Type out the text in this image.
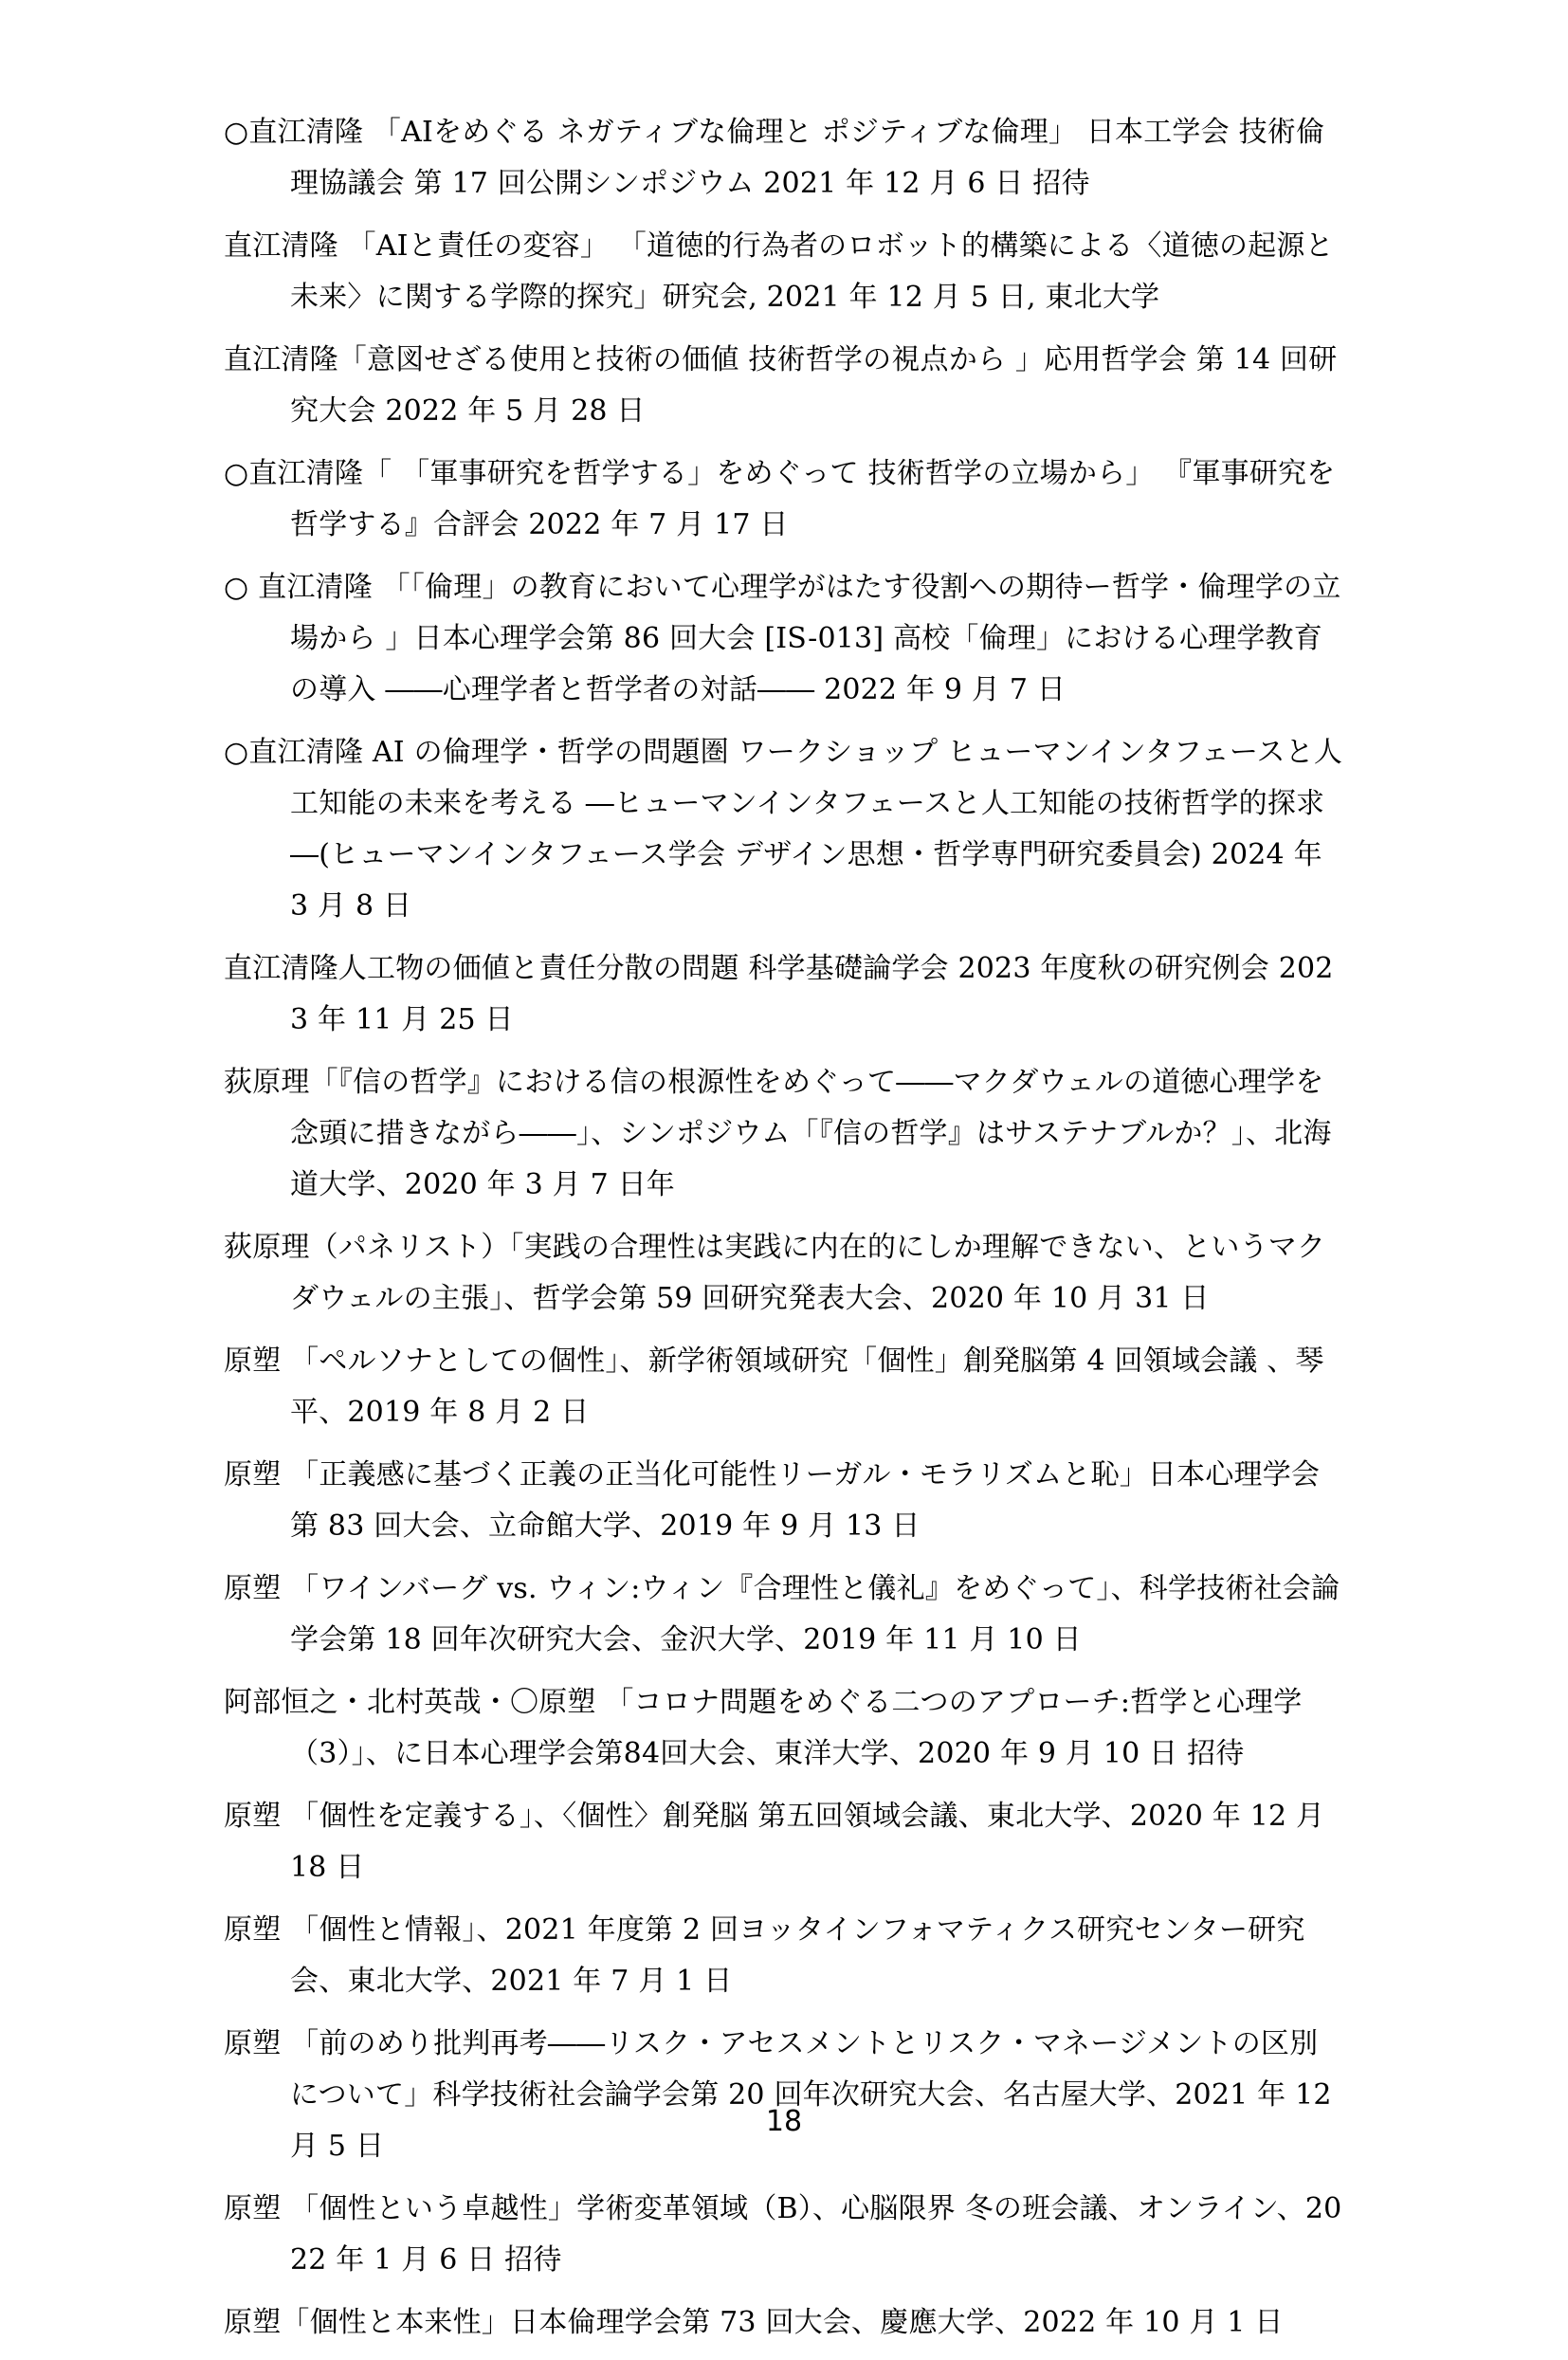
○直江清隆 「AIをめぐる ネガティブな倫理と ポジティブな倫理」 日本工学会 技術倫理協議会 第 17 回公開シンポジウム 2021 年 12 月 6 日 招待
直江清隆 「AIと責任の変容」 「道徳的行為者のロボット的構築による〈道徳の起源と未来〉に関する学際的探究」研究会, 2021 年 12 月 5 日, 東北大学
直江清隆「意図せざる使用と技術の価値 技術哲学の視点から 」応用哲学会 第 14 回研究大会 2022 年 5 月 28 日
○直江清隆「 「軍事研究を哲学する」をめぐって 技術哲学の立場から」 『軍事研究を哲学する』合評会 2022 年 7 月 17 日
○ 直江清隆 「「倫理」の教育において心理学がはたす役割への期待ー哲学・倫理学の立場から 」日本心理学会第 86 回大会 [IS-013] 高校「倫理」における心理学教育の導入 ――心理学者と哲学者の対話―― 2022 年 9 月 7 日
○直江清隆 AI の倫理学・哲学の問題圏 ワークショップ ヒューマンインタフェースと人工知能の未来を考える ―ヒューマンインタフェースと人工知能の技術哲学的探求―(ヒューマンインタフェース学会 デザイン思想・哲学専門研究委員会) 2024 年 3 月 8 日
直江清隆人工物の価値と責任分散の問題 科学基礎論学会 2023 年度秋の研究例会 2023 年 11 月 25 日
荻原理「『信の哲学』における信の根源性をめぐって――マクダウェルの道徳心理学を念頭に措きながら――」、シンポジウム「『信の哲学』はサステナブルか？」、北海道大学、2020 年 3 月 7 日年
荻原理（パネリスト）「実践の合理性は実践に内在的にしか理解できない、というマクダウェルの主張」、哲学会第 59 回研究発表大会、2020 年 10 月 31 日
原塑 「ペルソナとしての個性」、新学術領域研究「個性」創発脳第 4 回領域会議 、琴平、2019 年 8 月 2 日
原塑 「正義感に基づく正義の正当化可能性リーガル・モラリズムと恥」日本心理学会第 83 回大会、立命館大学、2019 年 9 月 13 日
原塑 「ワインバーグ vs. ウィン:ウィン『合理性と儀礼』をめぐって」、科学技術社会論学会第 18 回年次研究大会、金沢大学、2019 年 11 月 10 日
阿部恒之・北村英哉・〇原塑 「コロナ問題をめぐる二つのアプローチ:哲学と心理学（3）」、に日本心理学会第84回大会、東洋大学、2020 年 9 月 10 日 招待
原塑 「個性を定義する」、〈個性〉創発脳 第五回領域会議、東北大学、2020 年 12 月 18 日
原塑 「個性と情報」、2021 年度第 2 回ヨッタインフォマティクス研究センター研究会、東北大学、2021 年 7 月 1 日
原塑 「前のめり批判再考――リスク・アセスメントとリスク・マネージメントの区別について」科学技術社会論学会第 20 回年次研究大会、名古屋大学、2021 年 12 月 5 日
原塑 「個性という卓越性」学術変革領域（B）、心脳限界 冬の班会議、オンライン、2022 年 1 月 6 日 招待
原塑「個性と本来性」日本倫理学会第 73 回大会、慶應大学、2022 年 10 月 1 日
18
